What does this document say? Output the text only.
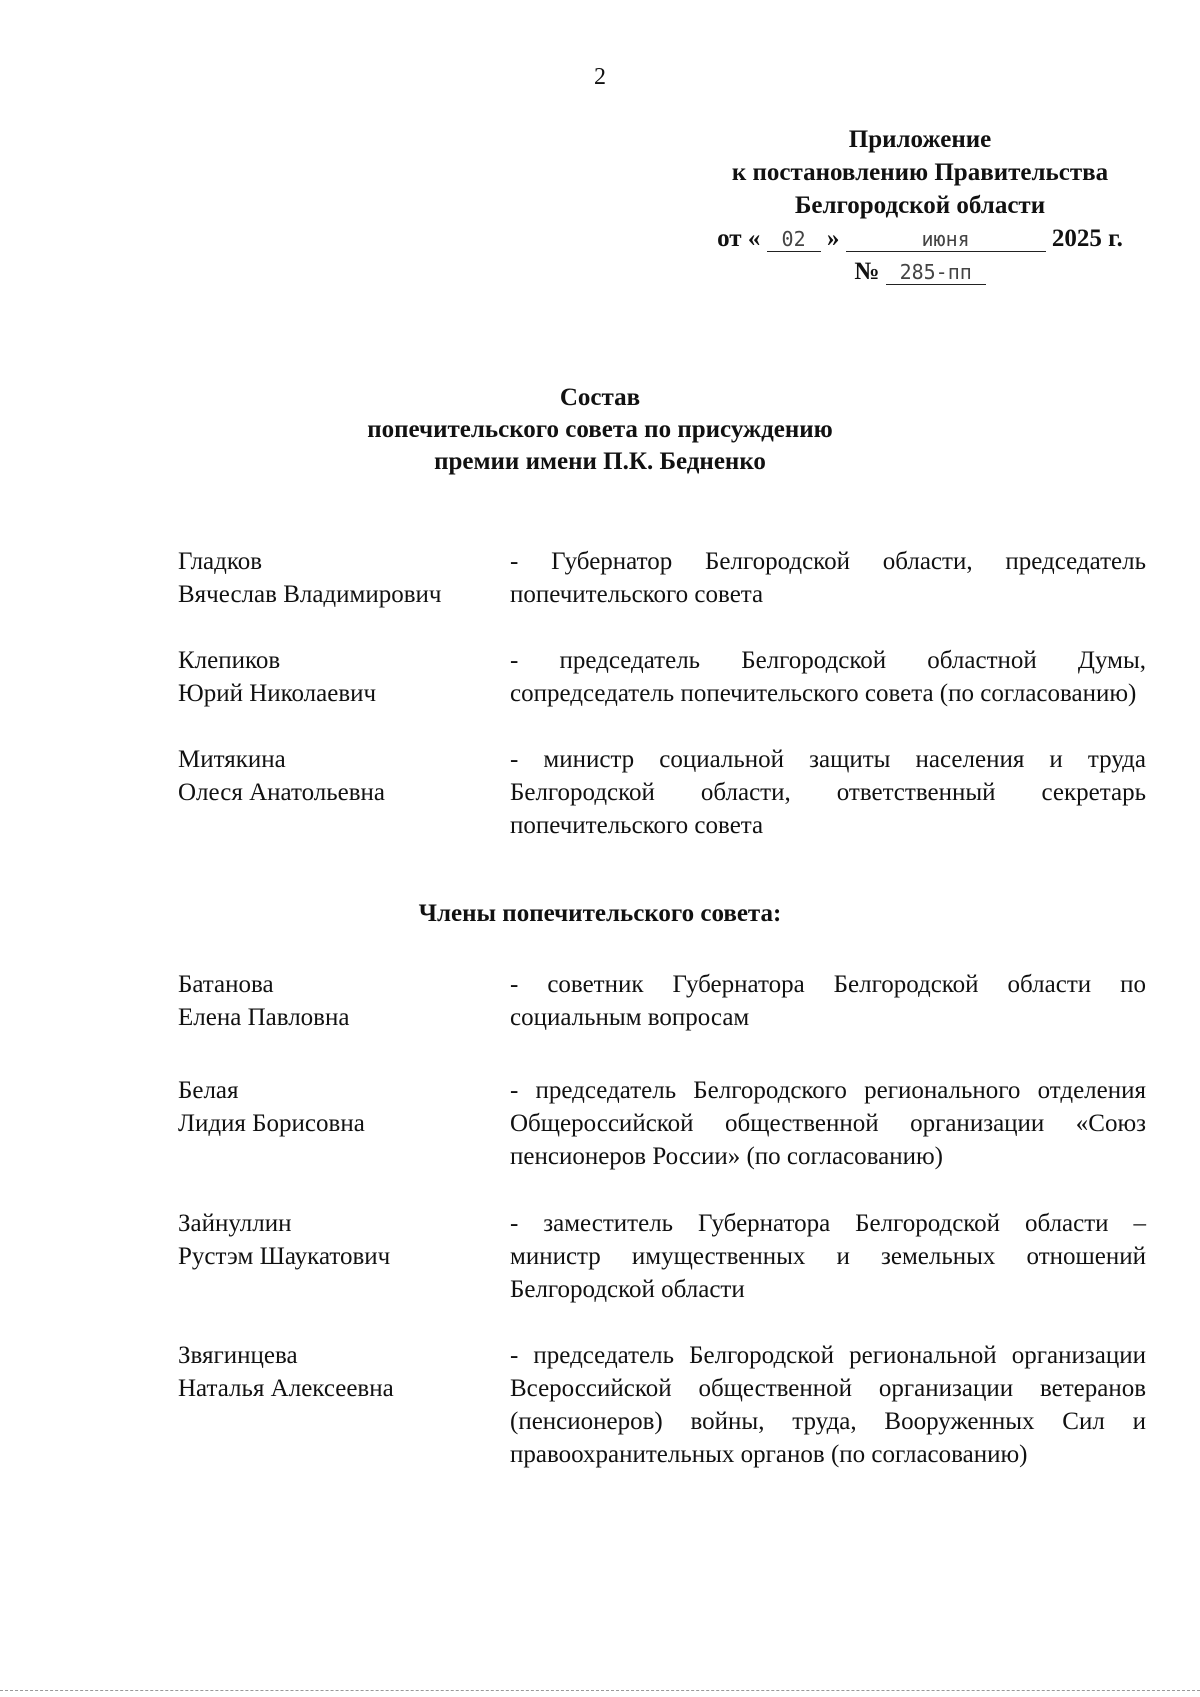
2
Приложение
к постановлению Правительства
Белгородской области
от « 02 »	июня	2025 г.
№ 285-пп
Состав
попечительского совета по присуждению
премии имени П.К. Бедненко
Гладков
Вячеслав Владимирович
- Губернатор Белгородской области, председатель попечительского совета
Клепиков
Юрий Николаевич
- председатель Белгородской областной Думы, сопредседатель попечительского совета (по согласованию)
Митякина
Олеся Анатольевна
- министр социальной защиты населения и труда Белгородской области, ответственный секретарь попечительского совета
Члены попечительского совета:
Батанова
Елена Павловна
- советник Губернатора Белгородской области по социальным вопросам
Белая
Лидия Борисовна
- председатель Белгородского регионального отделения Общероссийской общественной организации «Союз пенсионеров России» (по согласованию)
Зайнуллин
Рустэм Шаукатович
- заместитель Губернатора Белгородской области – министр имущественных и земельных отношений Белгородской области
Звягинцева
Наталья Алексеевна
- председатель Белгородской региональной организации Всероссийской общественной организации ветеранов (пенсионеров) войны, труда, Вооруженных Сил и правоохранительных органов (по согласованию)
